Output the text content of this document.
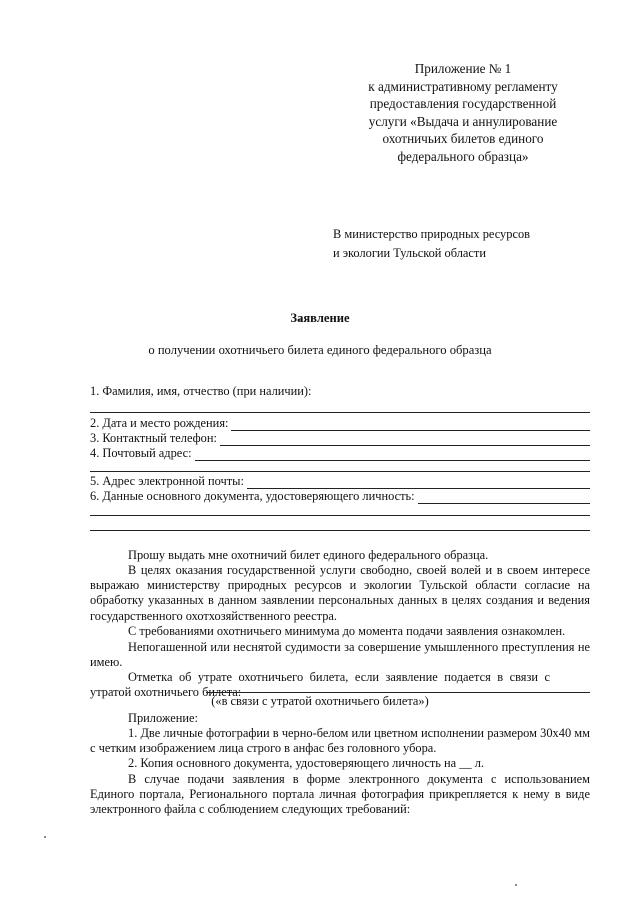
Приложение № 1
к административному регламенту
предоставления государственной
услуги «Выдача и аннулирование
охотничьих билетов единого
федерального образца»
В министерство природных ресурсов
и экологии Тульской области
Заявление
о получении охотничьего билета единого федерального образца
1. Фамилия, имя, отчество (при наличии):
2. Дата и место рождения:
3. Контактный телефон:
4. Почтовый адрес:
5. Адрес электронной почты:
6. Данные основного документа, удостоверяющего личность:
Прошу выдать мне охотничий билет единого федерального образца.
В целях оказания государственной услуги свободно, своей волей и в своем интересе выражаю министерству природных ресурсов и экологии Тульской области согласие на обработку указанных в данном заявлении персональных данных в целях создания и ведения государственного охотхозяйственного реестра.
С требованиями охотничьего минимума до момента подачи заявления ознакомлен.
Непогашенной или неснятой судимости за совершение умышленного преступления не имею.
Отметка об утрате охотничьего билета, если заявление подается в связи с утратой охотничьего билета:
(«в связи с утратой охотничьего билета»)
Приложение:
1. Две личные фотографии в черно-белом или цветном исполнении размером 30х40 мм с четким изображением лица строго в анфас без головного убора.
2. Копия основного документа, удостоверяющего личность на __ л.
В случае подачи заявления в форме электронного документа с использованием Единого портала, Регионального портала личная фотография прикрепляется к нему в виде электронного файла с соблюдением следующих требований:
